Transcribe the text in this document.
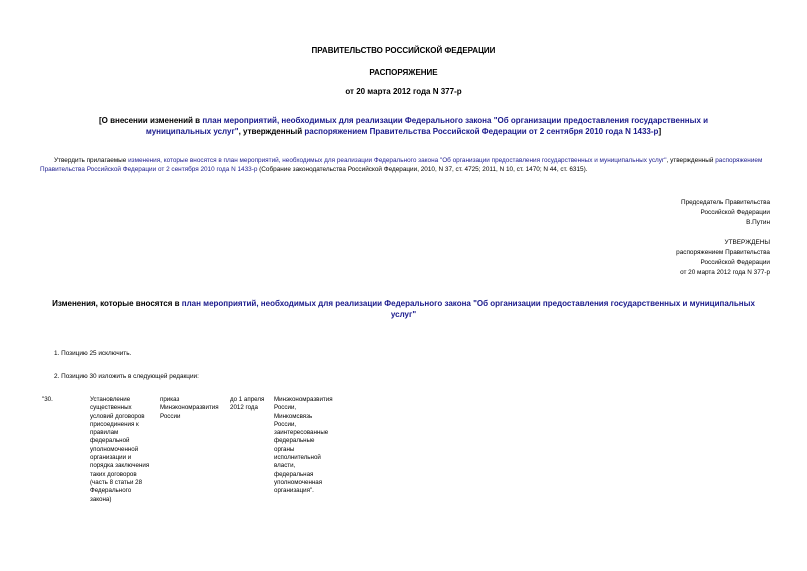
ПРАВИТЕЛЬСТВО РОССИЙСКОЙ ФЕДЕРАЦИИ
РАСПОРЯЖЕНИЕ
от 20 марта 2012 года N 377-р
[О внесении изменений в план мероприятий, необходимых для реализации Федерального закона "Об организации предоставления государственных и муниципальных услуг", утвержденный распоряжением Правительства Российской Федерации от 2 сентября 2010 года N 1433-р]
Утвердить прилагаемые изменения, которые вносятся в план мероприятий, необходимых для реализации Федерального закона "Об организации предоставления государственных и муниципальных услуг", утвержденный распоряжением Правительства Российской Федерации от 2 сентября 2010 года N 1433-р (Собрание законодательства Российской Федерации, 2010, N 37, ст. 4725; 2011, N 10, ст. 1470; N 44, ст. 6315).
Председатель Правительства
Российской Федерации
В.Путин
УТВЕРЖДЕНЫ
распоряжением Правительства
Российской Федерации
от 20 марта 2012 года N 377-р
Изменения, которые вносятся в план мероприятий, необходимых для реализации Федерального закона "Об организации предоставления государственных и муниципальных услуг"
1. Позицию 25 исключить.
2. Позицию 30 изложить в следующей редакции:
"30.	Установление существенных условий договоров присоединения к правилам федеральной уполномоченной организации и порядка заключения таких договоров (часть 8 статьи 28 Федерального закона)	приказ Минэкономразвития России	до 1 апреля 2012 года	Минэкономразвития России, Минкомсвязь России, заинтересованные федеральные органы исполнительной власти, федеральная уполномоченная организация".
